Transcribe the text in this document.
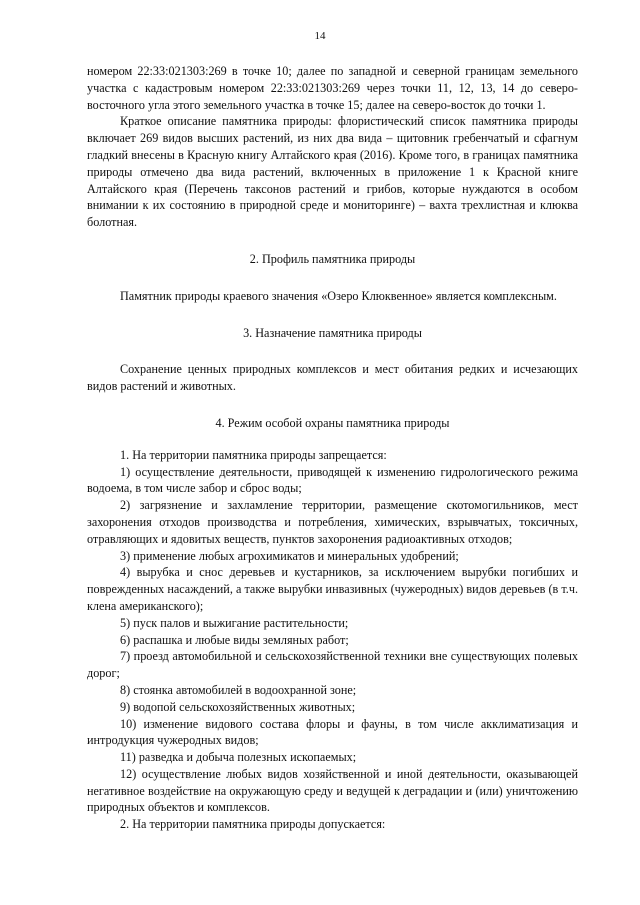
14

номером 22:33:021303:269 в точке 10; далее по западной и северной границам земельного участка с кадастровым номером 22:33:021303:269 через точки 11, 12, 13, 14 до северо-восточного угла этого земельного участка в точке 15; далее на северо-восток до точки 1.

Краткое описание памятника природы: флористический список памятника природы включает 269 видов высших растений, из них два вида – щитовник гребенчатый и сфагнум гладкий внесены в Красную книгу Алтайского края (2016). Кроме того, в границах памятника природы отмечено два вида растений, включенных в приложение 1 к Красной книге Алтайского края (Перечень таксонов растений и грибов, которые нуждаются в особом внимании к их состоянию в природной среде и мониторинге) – вахта трехлистная и клюква болотная.

2. Профиль памятника природы

Памятник природы краевого значения «Озеро Клюквенное» является комплексным.

3. Назначение памятника природы

Сохранение ценных природных комплексов и мест обитания редких и исчезающих видов растений и животных.

4. Режим особой охраны памятника природы

1. На территории памятника природы запрещается:

1) осуществление деятельности, приводящей к изменению гидрологического режима водоема, в том числе забор и сброс воды;

2) загрязнение и захламление территории, размещение скотомогильников, мест захоронения отходов производства и потребления, химических, взрывчатых, токсичных, отравляющих и ядовитых веществ, пунктов захоронения радиоактивных отходов;

3) применение любых агрохимикатов и минеральных удобрений;

4) вырубка и снос деревьев и кустарников, за исключением вырубки погибших и поврежденных насаждений, а также вырубки инвазивных (чужеродных) видов деревьев (в т.ч. клена американского);

5) пуск палов и выжигание растительности;

6) распашка и любые виды земляных работ;

7) проезд автомобильной и сельскохозяйственной техники вне существующих полевых дорог;

8) стоянка автомобилей в водоохранной зоне;

9) водопой сельскохозяйственных животных;

10) изменение видового состава флоры и фауны, в том числе акклиматизация и интродукция чужеродных видов;

11) разведка и добыча полезных ископаемых;

12) осуществление любых видов хозяйственной и иной деятельности, оказывающей негативное воздействие на окружающую среду и ведущей к деградации и (или) уничтожению природных объектов и комплексов.

2. На территории памятника природы допускается:
